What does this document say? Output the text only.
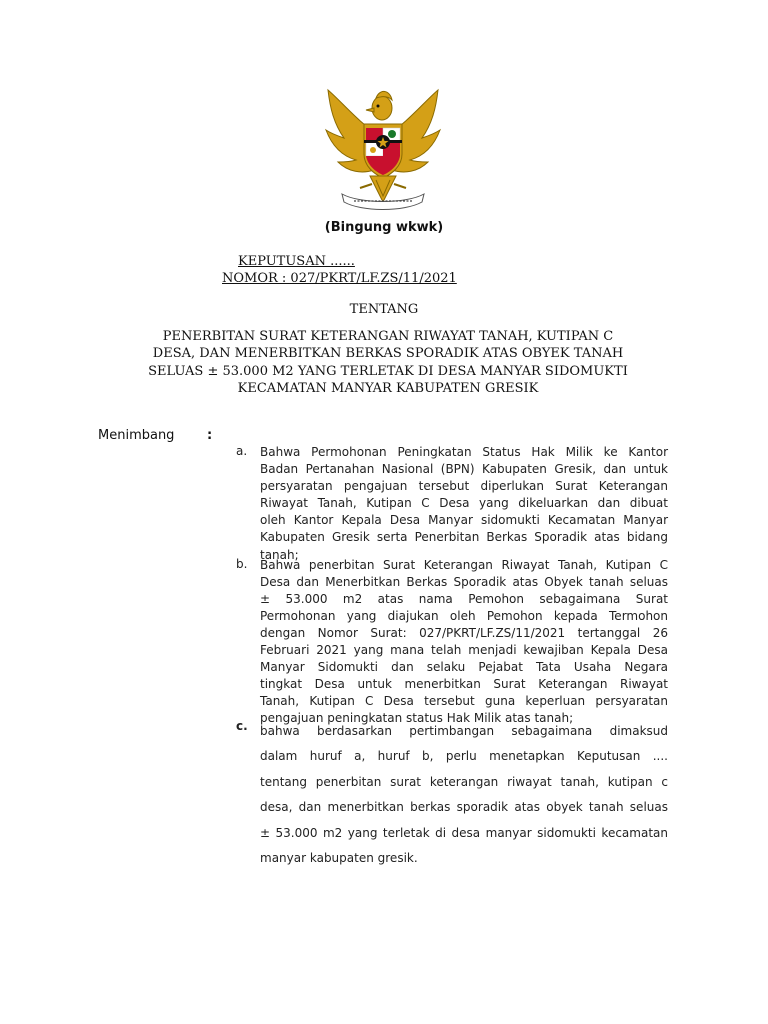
(Bingung wkwk)
KEPUTUSAN ......
NOMOR : 027/PKRT/LF.ZS/11/2021
TENTANG
PENERBITAN SURAT KETERANGAN RIWAYAT TANAH, KUTIPAN C
DESA, DAN MENERBITKAN BERKAS SPORADIK ATAS OBYEK TANAH
SELUAS ± 53.000 M2 YANG TERLETAK DI DESA MANYAR SIDOMUKTI
KECAMATAN MANYAR KABUPATEN GRESIK
Menimbang	:
a. Bahwa Permohonan Peningkatan Status Hak Milik ke Kantor
Badan Pertanahan Nasional (BPN) Kabupaten Gresik, dan untuk
persyaratan pengajuan tersebut diperlukan Surat Keterangan
Riwayat Tanah, Kutipan C Desa yang dikeluarkan dan dibuat
oleh Kantor Kepala Desa Manyar sidomukti Kecamatan Manyar
Kabupaten Gresik serta Penerbitan Berkas Sporadik atas bidang
tanah;
b. Bahwa penerbitan Surat Keterangan Riwayat Tanah, Kutipan C
Desa dan Menerbitkan Berkas Sporadik atas Obyek tanah seluas
± 53.000 m2 atas nama Pemohon sebagaimana Surat
Permohonan yang diajukan oleh Pemohon kepada Termohon
dengan Nomor Surat: 027/PKRT/LF.ZS/11/2021 tertanggal 26
Februari 2021 yang mana telah menjadi kewajiban Kepala Desa
Manyar Sidomukti dan selaku Pejabat Tata Usaha Negara
tingkat Desa untuk menerbitkan Surat Keterangan Riwayat
Tanah, Kutipan C Desa tersebut guna keperluan persyaratan
pengajuan peningkatan status Hak Milik atas tanah;
c. bahwa berdasarkan pertimbangan sebagaimana dimaksud
dalam huruf a, huruf b, perlu menetapkan Keputusan ....
tentang penerbitan surat keterangan riwayat tanah, kutipan c
desa, dan menerbitkan berkas sporadik atas obyek tanah seluas
± 53.000 m2 yang terletak di desa manyar sidomukti kecamatan
manyar kabupaten gresik.
